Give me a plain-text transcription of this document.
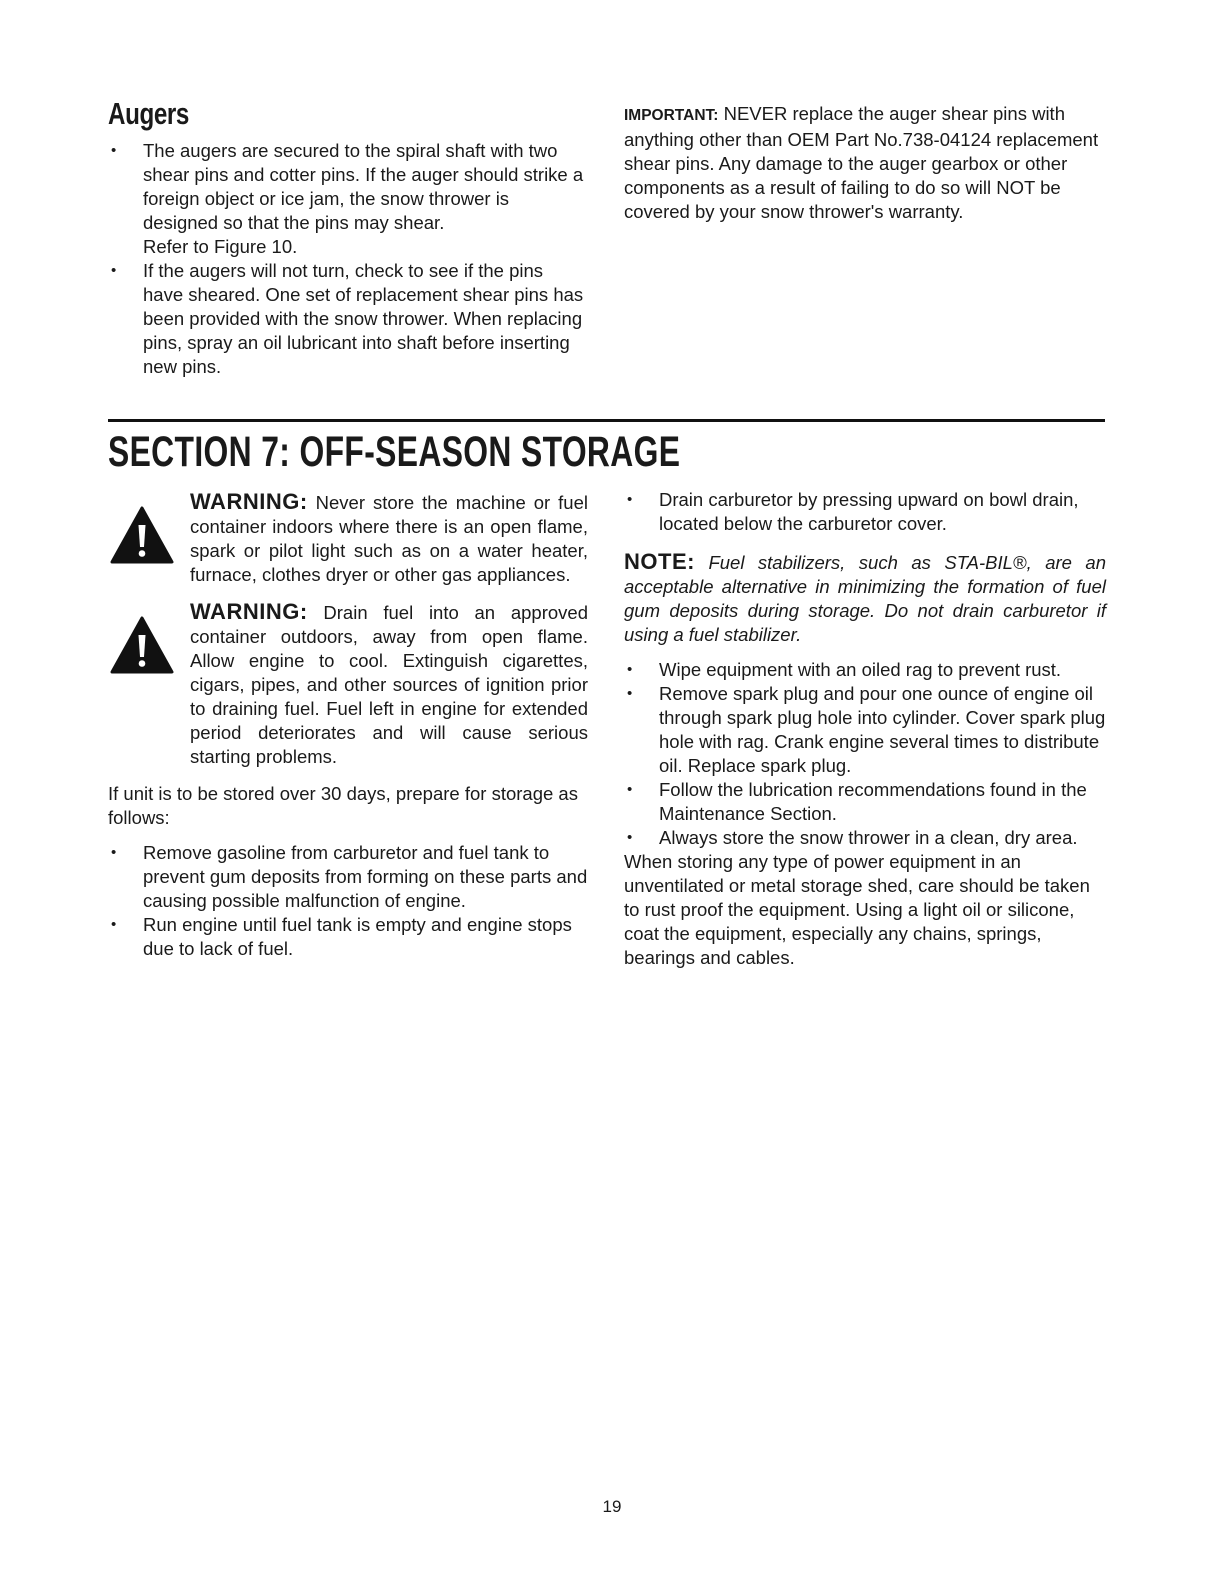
Augers
• The augers are secured to the spiral shaft with two shear pins and cotter pins. If the auger should strike a foreign object or ice jam, the snow thrower is designed so that the pins may shear.
Refer to Figure 10.
• If the augers will not turn, check to see if the pins have sheared. One set of replacement shear pins has been provided with the snow thrower. When replacing pins, spray an oil lubricant into shaft before inserting new pins.

IMPORTANT: NEVER replace the auger shear pins with anything other than OEM Part No.738-04124 replacement shear pins. Any damage to the auger gearbox or other components as a result of failing to do so will NOT be covered by your snow thrower's warranty.

SECTION 7: OFF-SEASON STORAGE

WARNING: Never store the machine or fuel container indoors where there is an open flame, spark or pilot light such as on a water heater, furnace, clothes dryer or other gas appliances.

WARNING: Drain fuel into an approved container outdoors, away from open flame. Allow engine to cool. Extinguish cigarettes, cigars, pipes, and other sources of ignition prior to draining fuel. Fuel left in engine for extended period deteriorates and will cause serious starting problems.

If unit is to be stored over 30 days, prepare for storage as follows:

• Remove gasoline from carburetor and fuel tank to prevent gum deposits from forming on these parts and causing possible malfunction of engine.
• Run engine until fuel tank is empty and engine stops due to lack of fuel.
• Drain carburetor by pressing upward on bowl drain, located below the carburetor cover.

NOTE: Fuel stabilizers, such as STA-BIL®, are an acceptable alternative in minimizing the formation of fuel gum deposits during storage. Do not drain carburetor if using a fuel stabilizer.

• Wipe equipment with an oiled rag to prevent rust.
• Remove spark plug and pour one ounce of engine oil through spark plug hole into cylinder. Cover spark plug hole with rag. Crank engine several times to distribute oil. Replace spark plug.
• Follow the lubrication recommendations found in the Maintenance Section.
• Always store the snow thrower in a clean, dry area.

When storing any type of power equipment in an unventilated or metal storage shed, care should be taken to rust proof the equipment. Using a light oil or silicone, coat the equipment, especially any chains, springs, bearings and cables.

19
